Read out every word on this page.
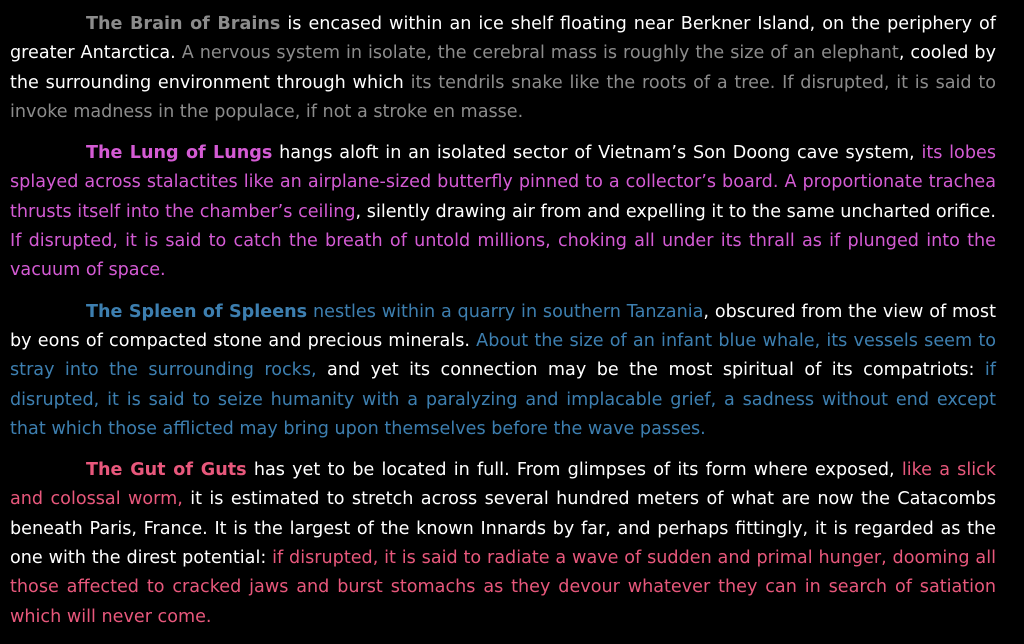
The Brain of Brains is encased within an ice shelf floating near Berkner Island, on the periphery of greater Antarctica. A nervous system in isolate, the cerebral mass is roughly the size of an elephant, cooled by the surrounding environment through which its tendrils snake like the roots of a tree. If disrupted, it is said to invoke madness in the populace, if not a stroke en masse.

The Lung of Lungs hangs aloft in an isolated sector of Vietnam’s Son Doong cave system, its lobes splayed across stalactites like an airplane-sized butterfly pinned to a collector’s board. A proportionate trachea thrusts itself into the chamber’s ceiling, silently drawing air from and expelling it to the same uncharted orifice. If disrupted, it is said to catch the breath of untold millions, choking all under its thrall as if plunged into the vacuum of space.

The Spleen of Spleens nestles within a quarry in southern Tanzania, obscured from the view of most by eons of compacted stone and precious minerals. About the size of an infant blue whale, its vessels seem to stray into the surrounding rocks, and yet its connection may be the most spiritual of its compatriots: if disrupted, it is said to seize humanity with a paralyzing and implacable grief, a sadness without end except that which those afflicted may bring upon themselves before the wave passes.

The Gut of Guts has yet to be located in full. From glimpses of its form where exposed, like a slick and colossal worm, it is estimated to stretch across several hundred meters of what are now the Catacombs beneath Paris, France. It is the largest of the known Innards by far, and perhaps fittingly, it is regarded as the one with the direst potential: if disrupted, it is said to radiate a wave of sudden and primal hunger, dooming all those affected to cracked jaws and burst stomachs as they devour whatever they can in search of satiation which will never come.
